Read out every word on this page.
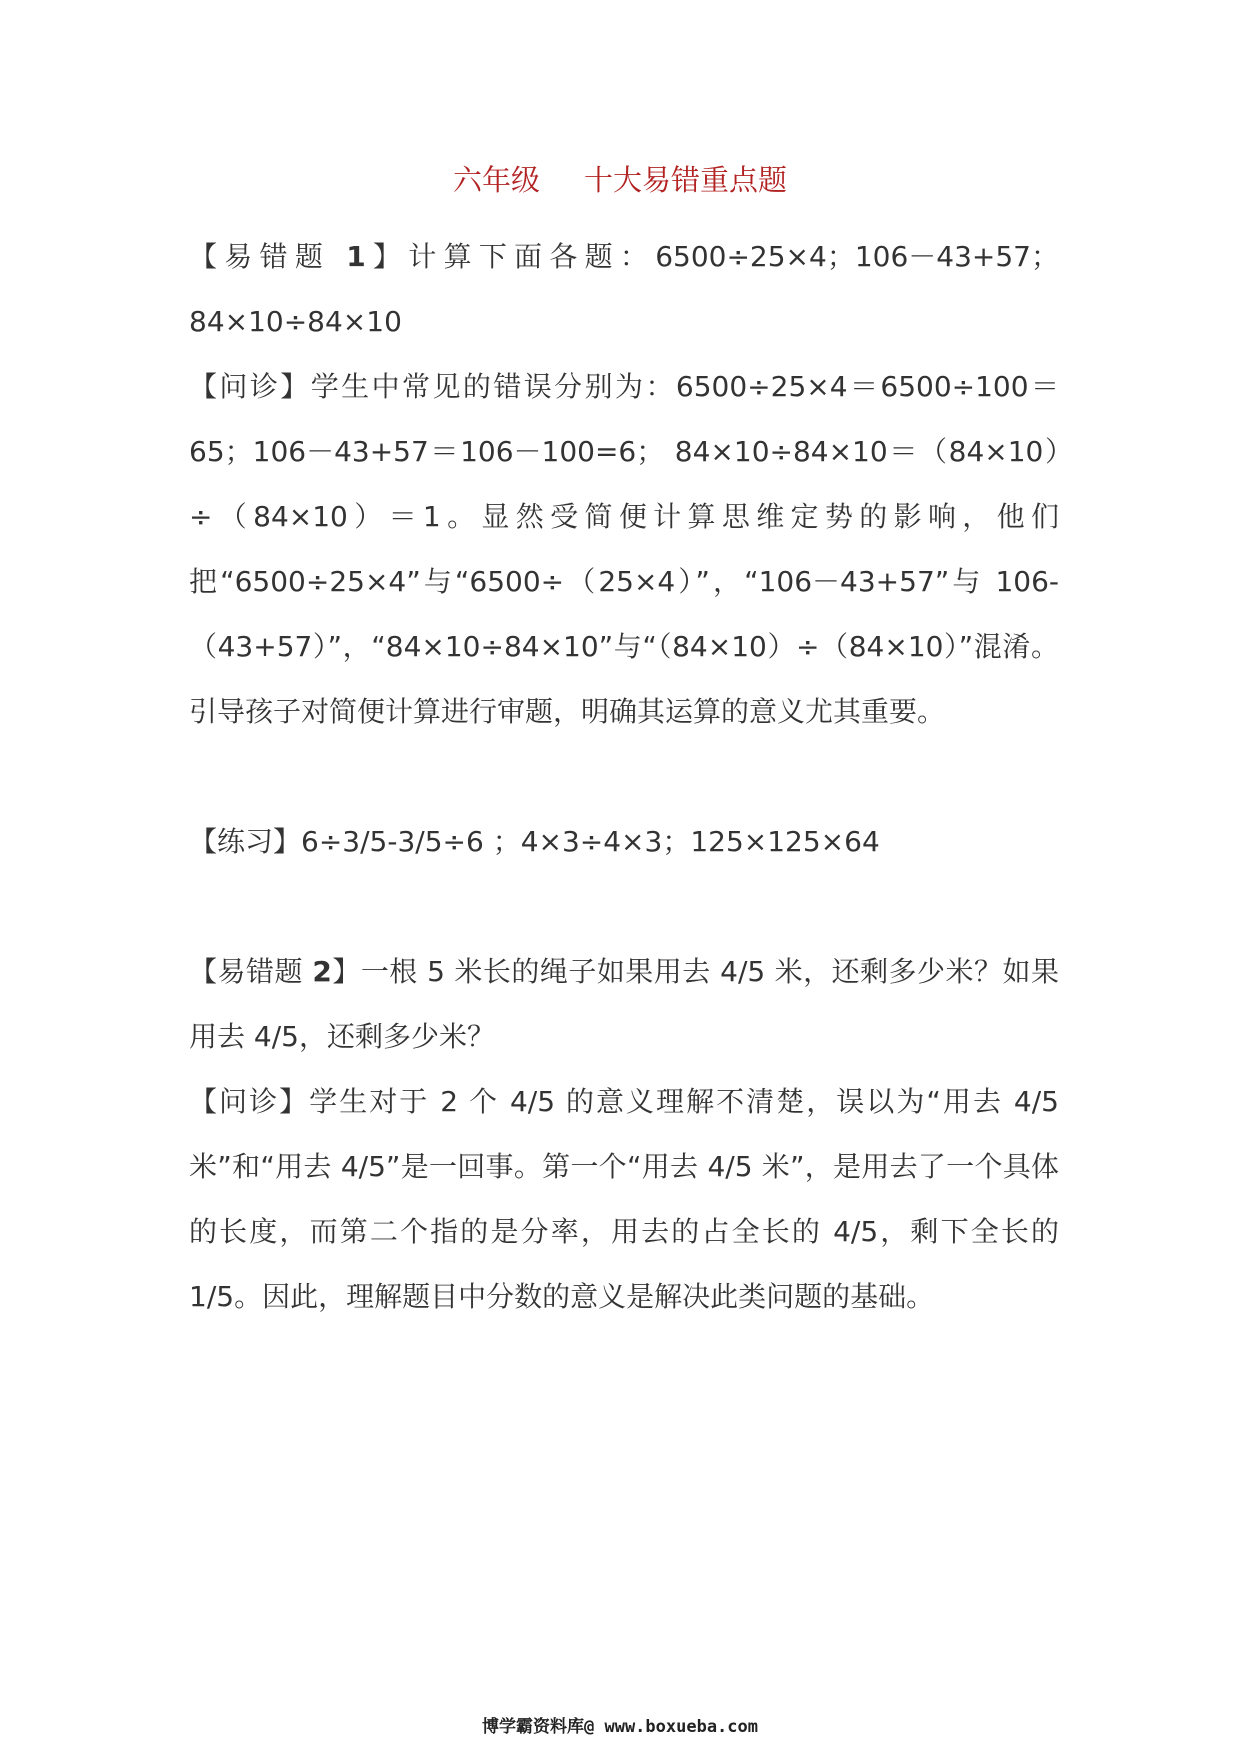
六年级 十大易错重点题

【易错题 1】计算下面各题：6500÷25×4；106－43+57；84×10÷84×10

【问诊】学生中常见的错误分别为：6500÷25×4＝6500÷100＝65；106－43+57＝106－100=6； 84×10÷84×10＝（84×10）÷（84×10）＝1。显然受简便计算思维定势的影响，他们把“6500÷25×4”与“6500÷（25×4）”，“106－43+57”与 106-（43+57）”，“84×10÷84×10”与“（84×10）÷（84×10）”混淆。引导孩子对简便计算进行审题，明确其运算的意义尤其重要。

【练习】6÷3/5-3/5÷6 ；4×3÷4×3；125×125×64

【易错题 2】一根 5 米长的绳子如果用去 4/5 米，还剩多少米？如果用去 4/5，还剩多少米？

【问诊】学生对于 2 个 4/5 的意义理解不清楚，误以为“用去 4/5 米”和“用去 4/5”是一回事。第一个“用去 4/5 米”，是用去了一个具体的长度，而第二个指的是分率，用去的占全长的 4/5，剩下全长的 1/5。因此，理解题目中分数的意义是解决此类问题的基础。

博学霸资料库@ www.boxueba.com
